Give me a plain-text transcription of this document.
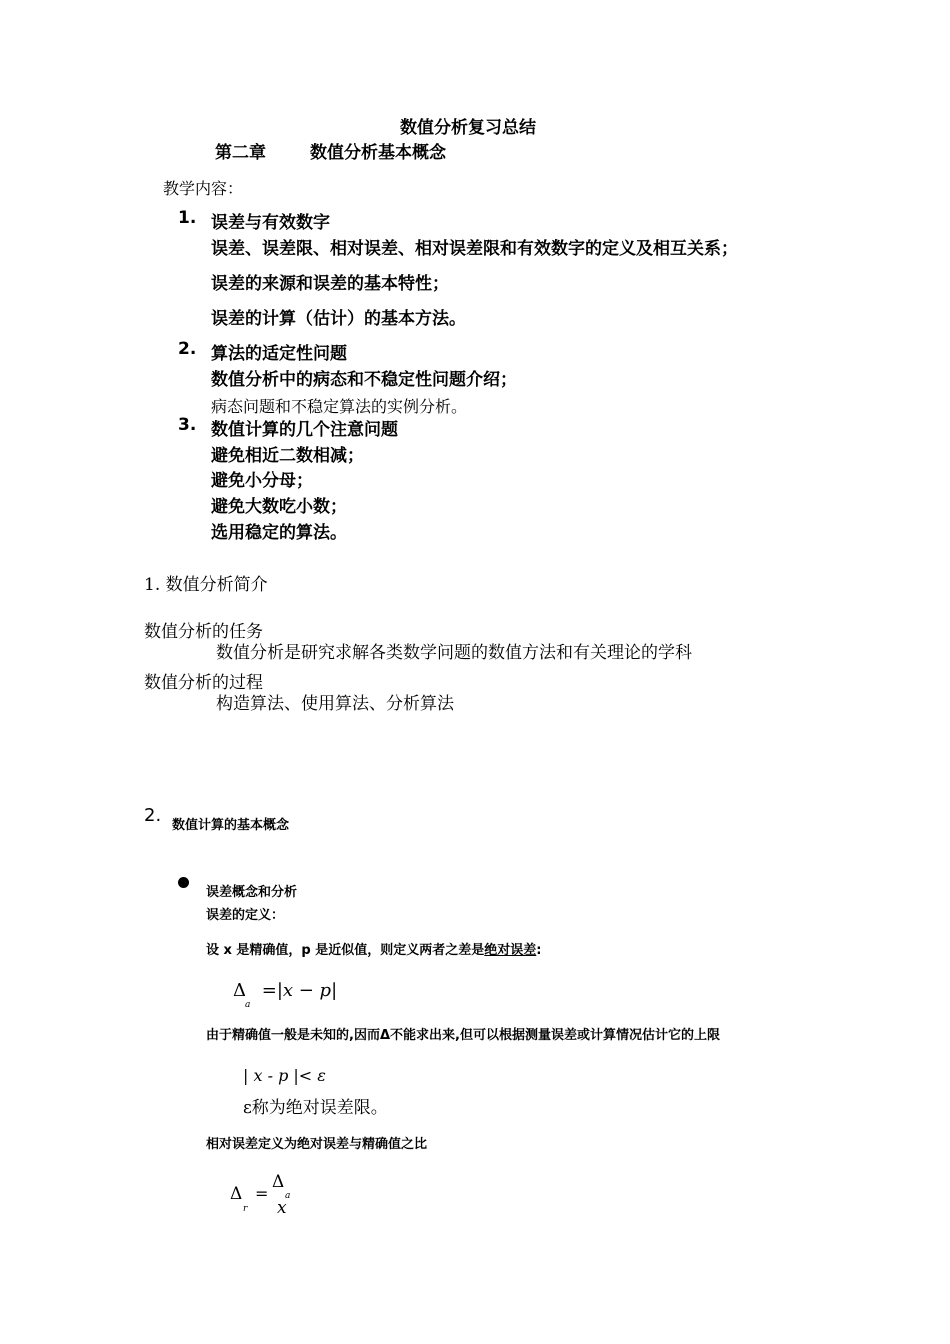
数值分析复习总结
第二章	数值分析基本概念
教学内容：
1. 误差与有效数字
误差、误差限、相对误差、相对误差限和有效数字的定义及相互关系；
误差的来源和误差的基本特性；
误差的计算（估计）的基本方法。
2. 算法的适定性问题
数值分析中的病态和不稳定性问题介绍；
病态问题和不稳定算法的实例分析。
3. 数值计算的几个注意问题
避免相近二数相减；
避免小分母；
避免大数吃小数；
选用稳定的算法。
1. 数值分析简介
数值分析的任务
数值分析是研究求解各类数学问题的数值方法和有关理论的学科
数值分析的过程
构造算法、使用算法、分析算法
2. 数值计算的基本概念
误差概念和分析
误差的定义：
设 x 是精确值，p 是近似值，则定义两者之差是绝对误差:
Δ
a
=|x − p|
由于精确值一般是未知的,因而Δ不能求出来,但可以根据测量误差或计算情况估计它的上限
| x - p |< ε
ε称为绝对误差限。
相对误差定义为绝对误差与精确值之比
Δ
r
=
Δ
a
x
